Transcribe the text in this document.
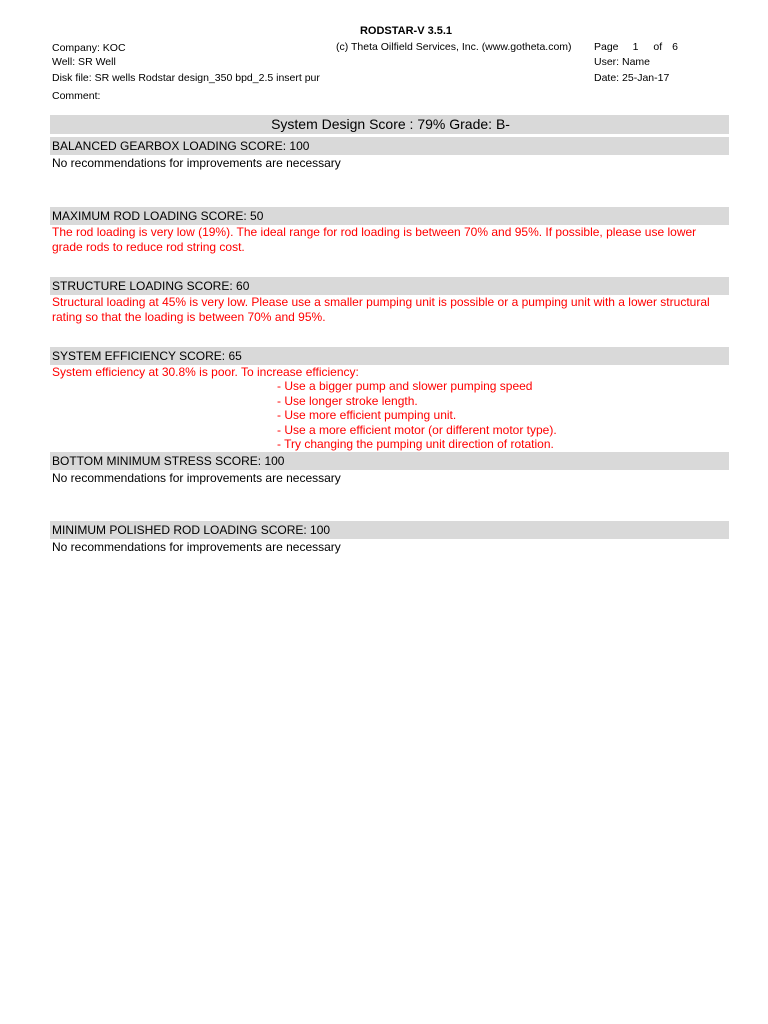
RODSTAR-V 3.5.1
(c) Theta Oilfield Services, Inc. (www.gotheta.com)
Company: KOC
Well: SR Well
Disk file: SR wells Rodstar design_350 bpd_2.5 insert pur
Comment:
Page 1 of 6
User: Name
Date: 25-Jan-17
System Design Score : 79% Grade: B-
BALANCED GEARBOX LOADING SCORE: 100
No recommendations for improvements are necessary
MAXIMUM ROD LOADING SCORE: 50
The rod loading is very low (19%). The ideal range for rod loading is between 70% and 95%. If possible, please use lower grade rods to reduce rod string cost.
STRUCTURE LOADING SCORE: 60
Structural loading at 45% is very low. Please use a smaller pumping unit is possible or a pumping unit with a lower structural rating so that the loading is between 70% and 95%.
SYSTEM EFFICIENCY SCORE: 65
System efficiency at 30.8% is poor. To increase efficiency:
- Use a bigger pump and slower pumping speed
- Use longer stroke length.
- Use more efficient pumping unit.
- Use a more efficient motor (or different motor type).
- Try changing the pumping unit direction of rotation.
BOTTOM MINIMUM STRESS SCORE: 100
No recommendations for improvements are necessary
MINIMUM POLISHED ROD LOADING SCORE: 100
No recommendations for improvements are necessary
